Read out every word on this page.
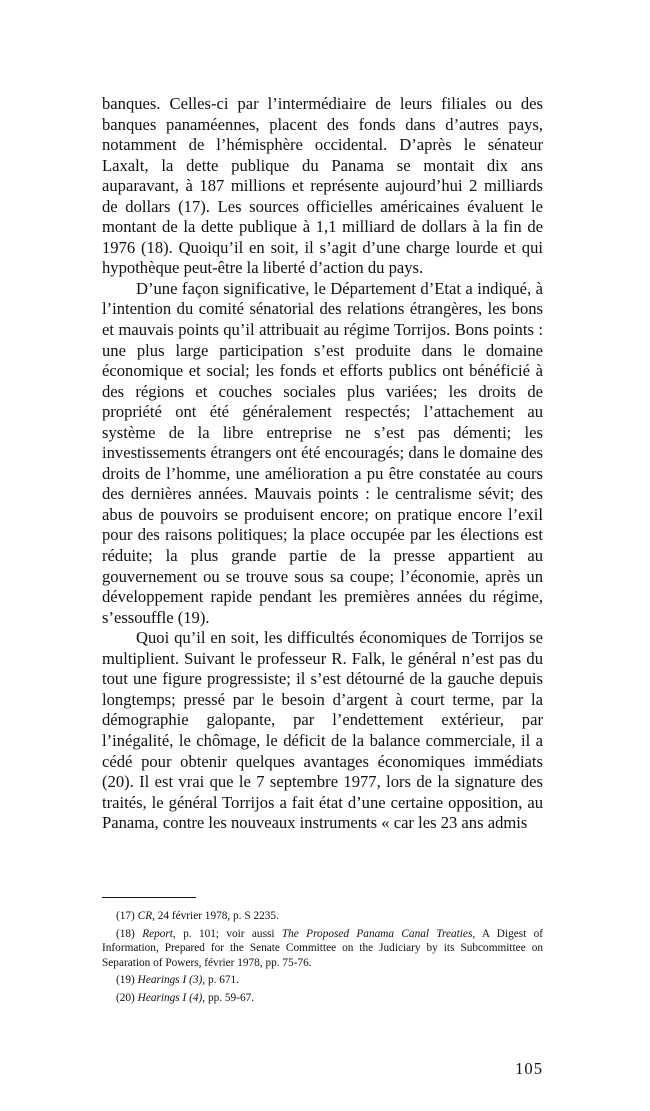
banques. Celles-ci par l’intermédiaire de leurs filiales ou des banques panaméennes, placent des fonds dans d’autres pays, notamment de l’hémisphère occidental. D’après le sénateur Laxalt, la dette publique du Panama se montait dix ans auparavant, à 187 millions et représente aujourd’hui 2 milliards de dollars (17). Les sources officielles américaines évaluent le montant de la dette publique à 1,1 milliard de dollars à la fin de 1976 (18). Quoiqu’il en soit, il s’agit d’une charge lourde et qui hypothèque peut-être la liberté d’action du pays.

D’une façon significative, le Département d’Etat a indiqué, à l’intention du comité sénatorial des relations étrangères, les bons et mauvais points qu’il attribuait au régime Torrijos. Bons points : une plus large participation s’est produite dans le domaine économique et social; les fonds et efforts publics ont bénéficié à des régions et couches sociales plus variées; les droits de propriété ont été généralement respectés; l’attachement au système de la libre entreprise ne s’est pas démenti; les investissements étrangers ont été encouragés; dans le domaine des droits de l’homme, une amélioration a pu être constatée au cours des dernières années. Mauvais points : le centralisme sévit; des abus de pouvoirs se produisent encore; on pratique encore l’exil pour des raisons politiques; la place occupée par les élections est réduite; la plus grande partie de la presse appartient au gouvernement ou se trouve sous sa coupe; l’économie, après un développement rapide pendant les premières années du régime, s’essouffle (19).

Quoi qu’il en soit, les difficultés économiques de Torrijos se multiplient. Suivant le professeur R. Falk, le général n’est pas du tout une figure progressiste; il s’est détourné de la gauche depuis longtemps; pressé par le besoin d’argent à court terme, par la démographie galopante, par l’endettement extérieur, par l’inégalité, le chômage, le déficit de la balance commerciale, il a cédé pour obtenir quelques avantages économiques immédiats (20). Il est vrai que le 7 septembre 1977, lors de la signature des traités, le général Torrijos a fait état d’une certaine opposition, au Panama, contre les nouveaux instruments « car les 23 ans admis

(17) CR, 24 février 1978, p. S 2235.

(18) Report, p. 101; voir aussi The Proposed Panama Canal Treaties, A Digest of Information, Prepared for the Senate Committee on the Judiciary by its Subcommittee on Separation of Powers, février 1978, pp. 75-76.

(19) Hearings I (3), p. 671.

(20) Hearings I (4), pp. 59-67.

105
